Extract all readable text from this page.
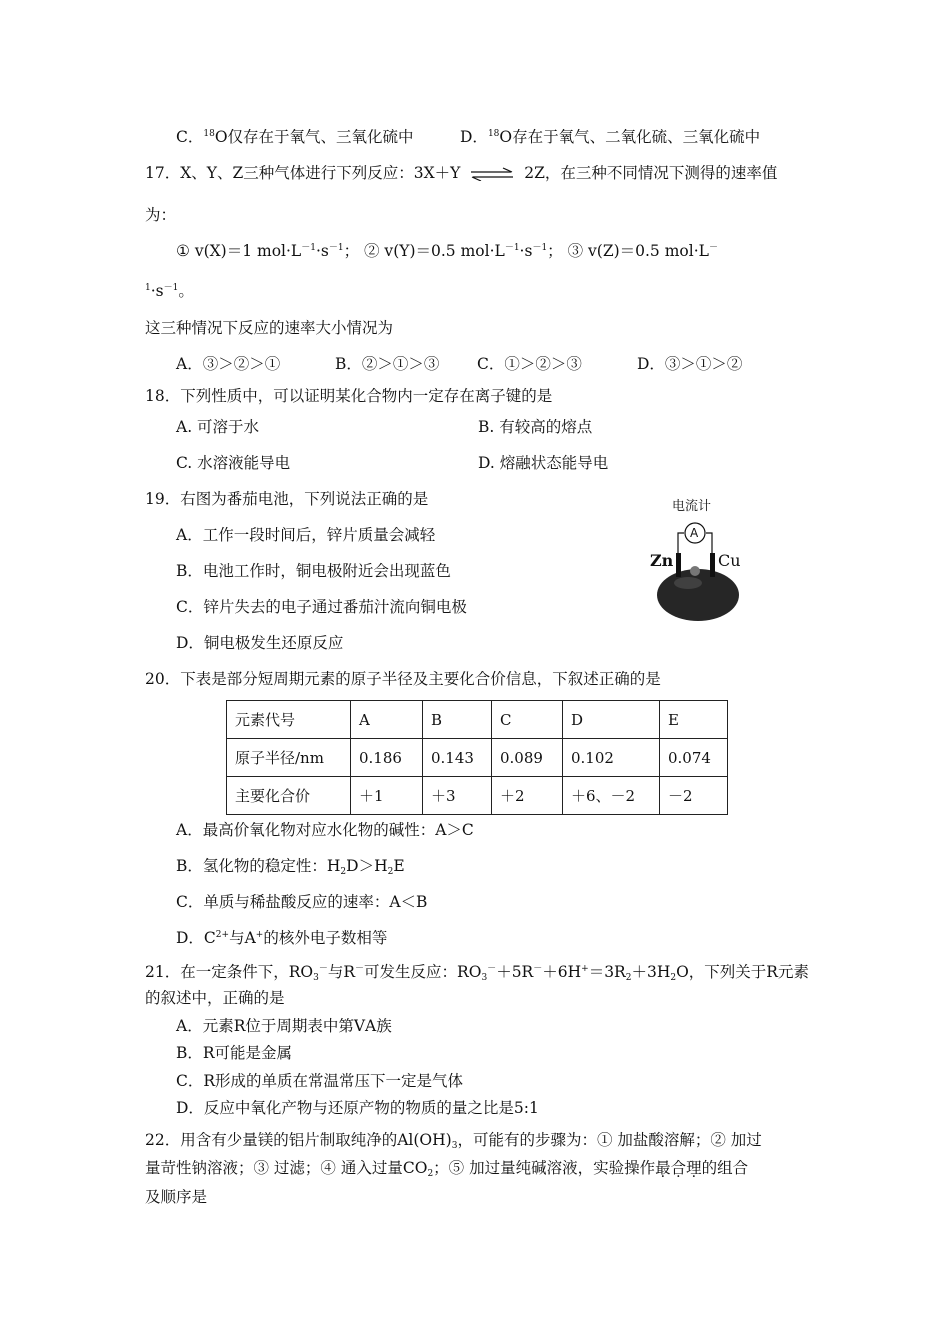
C．$^{18}$O仅存在于氧气、三氧化硫中	D．$^{18}$O存在于氧气、二氧化硫、三氧化硫中
17．X、Y、Z三种气体进行下列反应：3X＋Y ⇌ 2Z，在三种不同情况下测得的速率值
为：
① v(X)＝1 $mol\cdot L^{-1}\cdot s^{-1}$； ② v(Y)＝0.5 $mol\cdot L^{-1}\cdot s^{-1}$； ③ v(Z)＝0.5 mol·L－
$^1\cdot s^{-1}$。
这三种情况下反应的速率大小情况为
A．③＞②＞①	B．②＞①＞③ C．①＞②＞③	D．③＞①＞②
18．下列性质中，可以证明某化合物内一定存在离子键的是
A. 可溶于水	B. 有较高的熔点
C. 水溶液能导电	D. 熔融状态能导电
19．右图为番茄电池，下列说法正确的是
A．工作一段时间后，锌片质量会减轻
B．电池工作时，铜电极附近会出现蓝色
C．锌片失去的电子通过番茄汁流向铜电极
D．铜电极发生还原反应
电流计
A
Zn	Cu
20．下表是部分短周期元素的原子半径及主要化合价信息，下叙述正确的是
元素代号	A	B	C	D	E
原子半径/nm	0.186	0.143	0.089	0.102	0.074
主要化合价	＋1	＋3	＋2	＋6、－2	－2
A．最高价氧化物对应水化物的碱性：A＞C
B．氢化物的稳定性：$H_2D>H_2E$
C．单质与稀盐酸反应的速率：A＜B
D．$C^{2+}$与A+的核外电子数相等
21．在一定条件下，$RO_3^-$与R－可发生反应：$RO_3^-+5R^-+6H^+=3R_2+3H_2O$，下列关于R元素
的叙述中，正确的是
A．元素R位于周期表中第ⅤA族
B．R可能是金属
C．R形成的单质在常温常压下一定是气体
D．反应中氧化产物与还原产物的物质的量之比是5:1
22．用含有少量镁的铝片制取纯净的$Al(OH)_3$，可能有的步骤为：① 加盐酸溶解；② 加过
量苛性钠溶液；③ 过滤；④ 通入过量$CO_2$；⑤ 加过量纯碱溶液，实验操作最合理的组合
及顺序是
